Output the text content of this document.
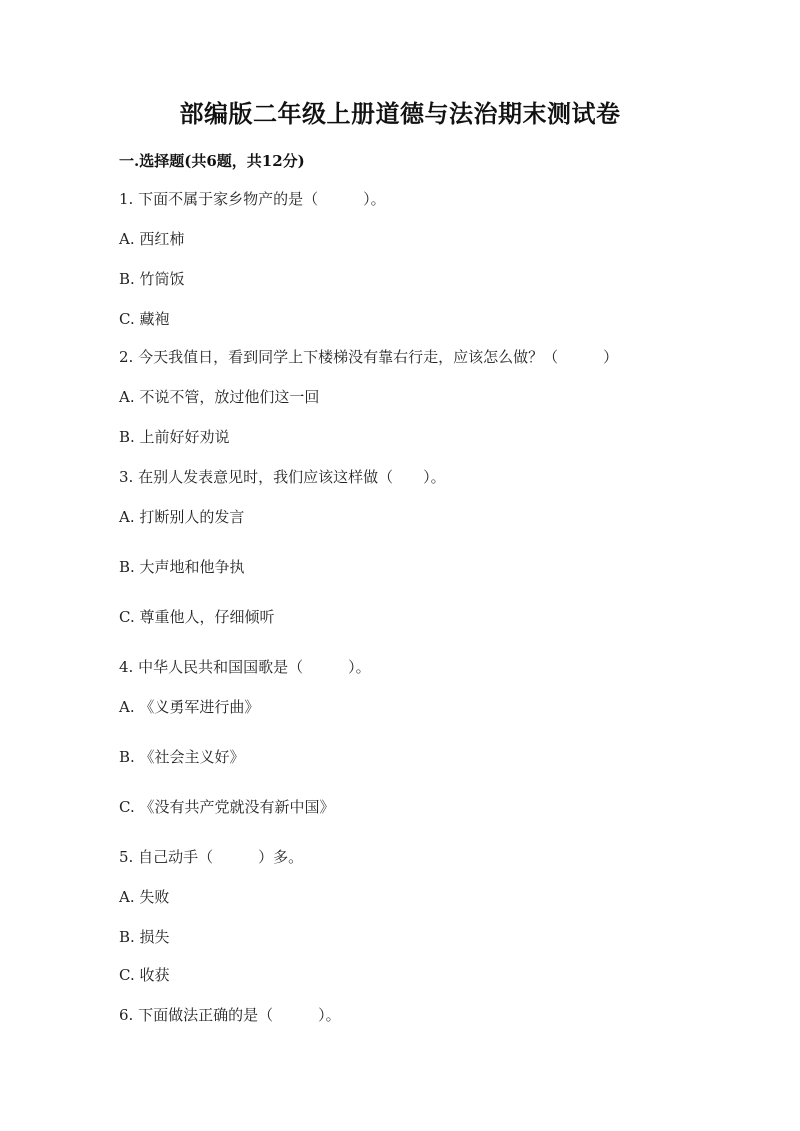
部编版二年级上册道德与法治期末测试卷
一.选择题(共6题，共12分)
1. 下面不属于家乡物产的是（　　　）。
A. 西红柿
B. 竹筒饭
C. 藏袍
2. 今天我值日，看到同学上下楼梯没有靠右行走，应该怎么做？（　　　）
A. 不说不管，放过他们这一回
B. 上前好好劝说
3. 在别人发表意见时，我们应该这样做（　　）。
A. 打断别人的发言
B. 大声地和他争执
C. 尊重他人，仔细倾听
4. 中华人民共和国国歌是（　　　）。
A. 《义勇军进行曲》
B. 《社会主义好》
C. 《没有共产党就没有新中国》
5. 自己动手（　　　）多。
A. 失败
B. 损失
C. 收获
6. 下面做法正确的是（　　　）。
